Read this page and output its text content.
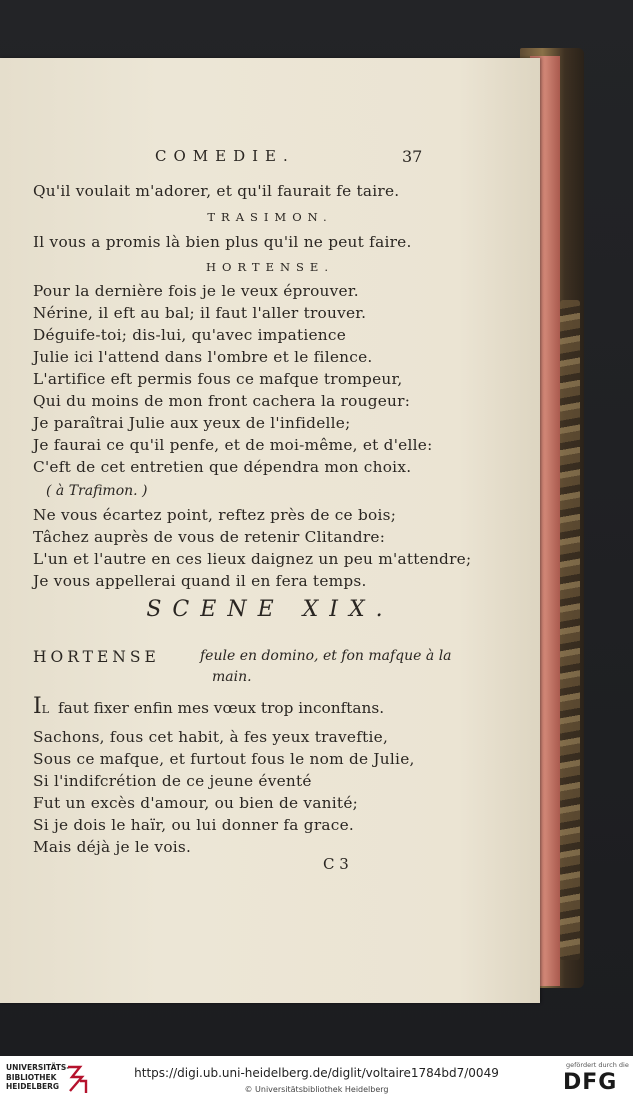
COMEDIE.	37
Qu'il voulait m'adorer, et qu'il faurait fe taire.
TRASIMON.
Il vous a promis là bien plus qu'il ne peut faire.
HORTENSE.
Pour la dernière fois je le veux éprouver.
Nérine, il eft au bal; il faut l'aller trouver.
Déguife-toi; dis-lui, qu'avec impatience
Julie ici l'attend dans l'ombre et le filence.
L'artifice eft permis fous ce mafque trompeur,
Qui du moins de mon front cachera la rougeur:
Je paraîtrai Julie aux yeux de l'infidelle;
Je faurai ce qu'il penfe, et de moi-même, et d'elle:
C'eft de cet entretien que dépendra mon choix.
( à Trafimon. )
Ne vous écartez point, reftez près de ce bois;
Tâchez auprès de vous de retenir Clitandre:
L'un et l'autre en ces lieux daignez un peu m'attendre;
Je vous appellerai quand il en fera temps.
SCENE XIX.
HORTENSE	feule en domino, et fon mafque à la
main.
IL faut fixer enfin mes vœux trop inconftans.
Sachons, fous cet habit, à fes yeux traveftie,
Sous ce mafque, et furtout fous le nom de Julie,
Si l'indifcrétion de ce jeune éventé
Fut un excès d'amour, ou bien de vanité;
Si je dois le haïr, ou lui donner fa grace.
Mais déjà je le vois.
C 3
UNIVERSITÄTS-
BIBLIOTHEK
HEIDELBERG
https://digi.ub.uni-heidelberg.de/diglit/voltaire1784bd7/0049
© Universitätsbibliothek Heidelberg
gefördert durch die
DFG
